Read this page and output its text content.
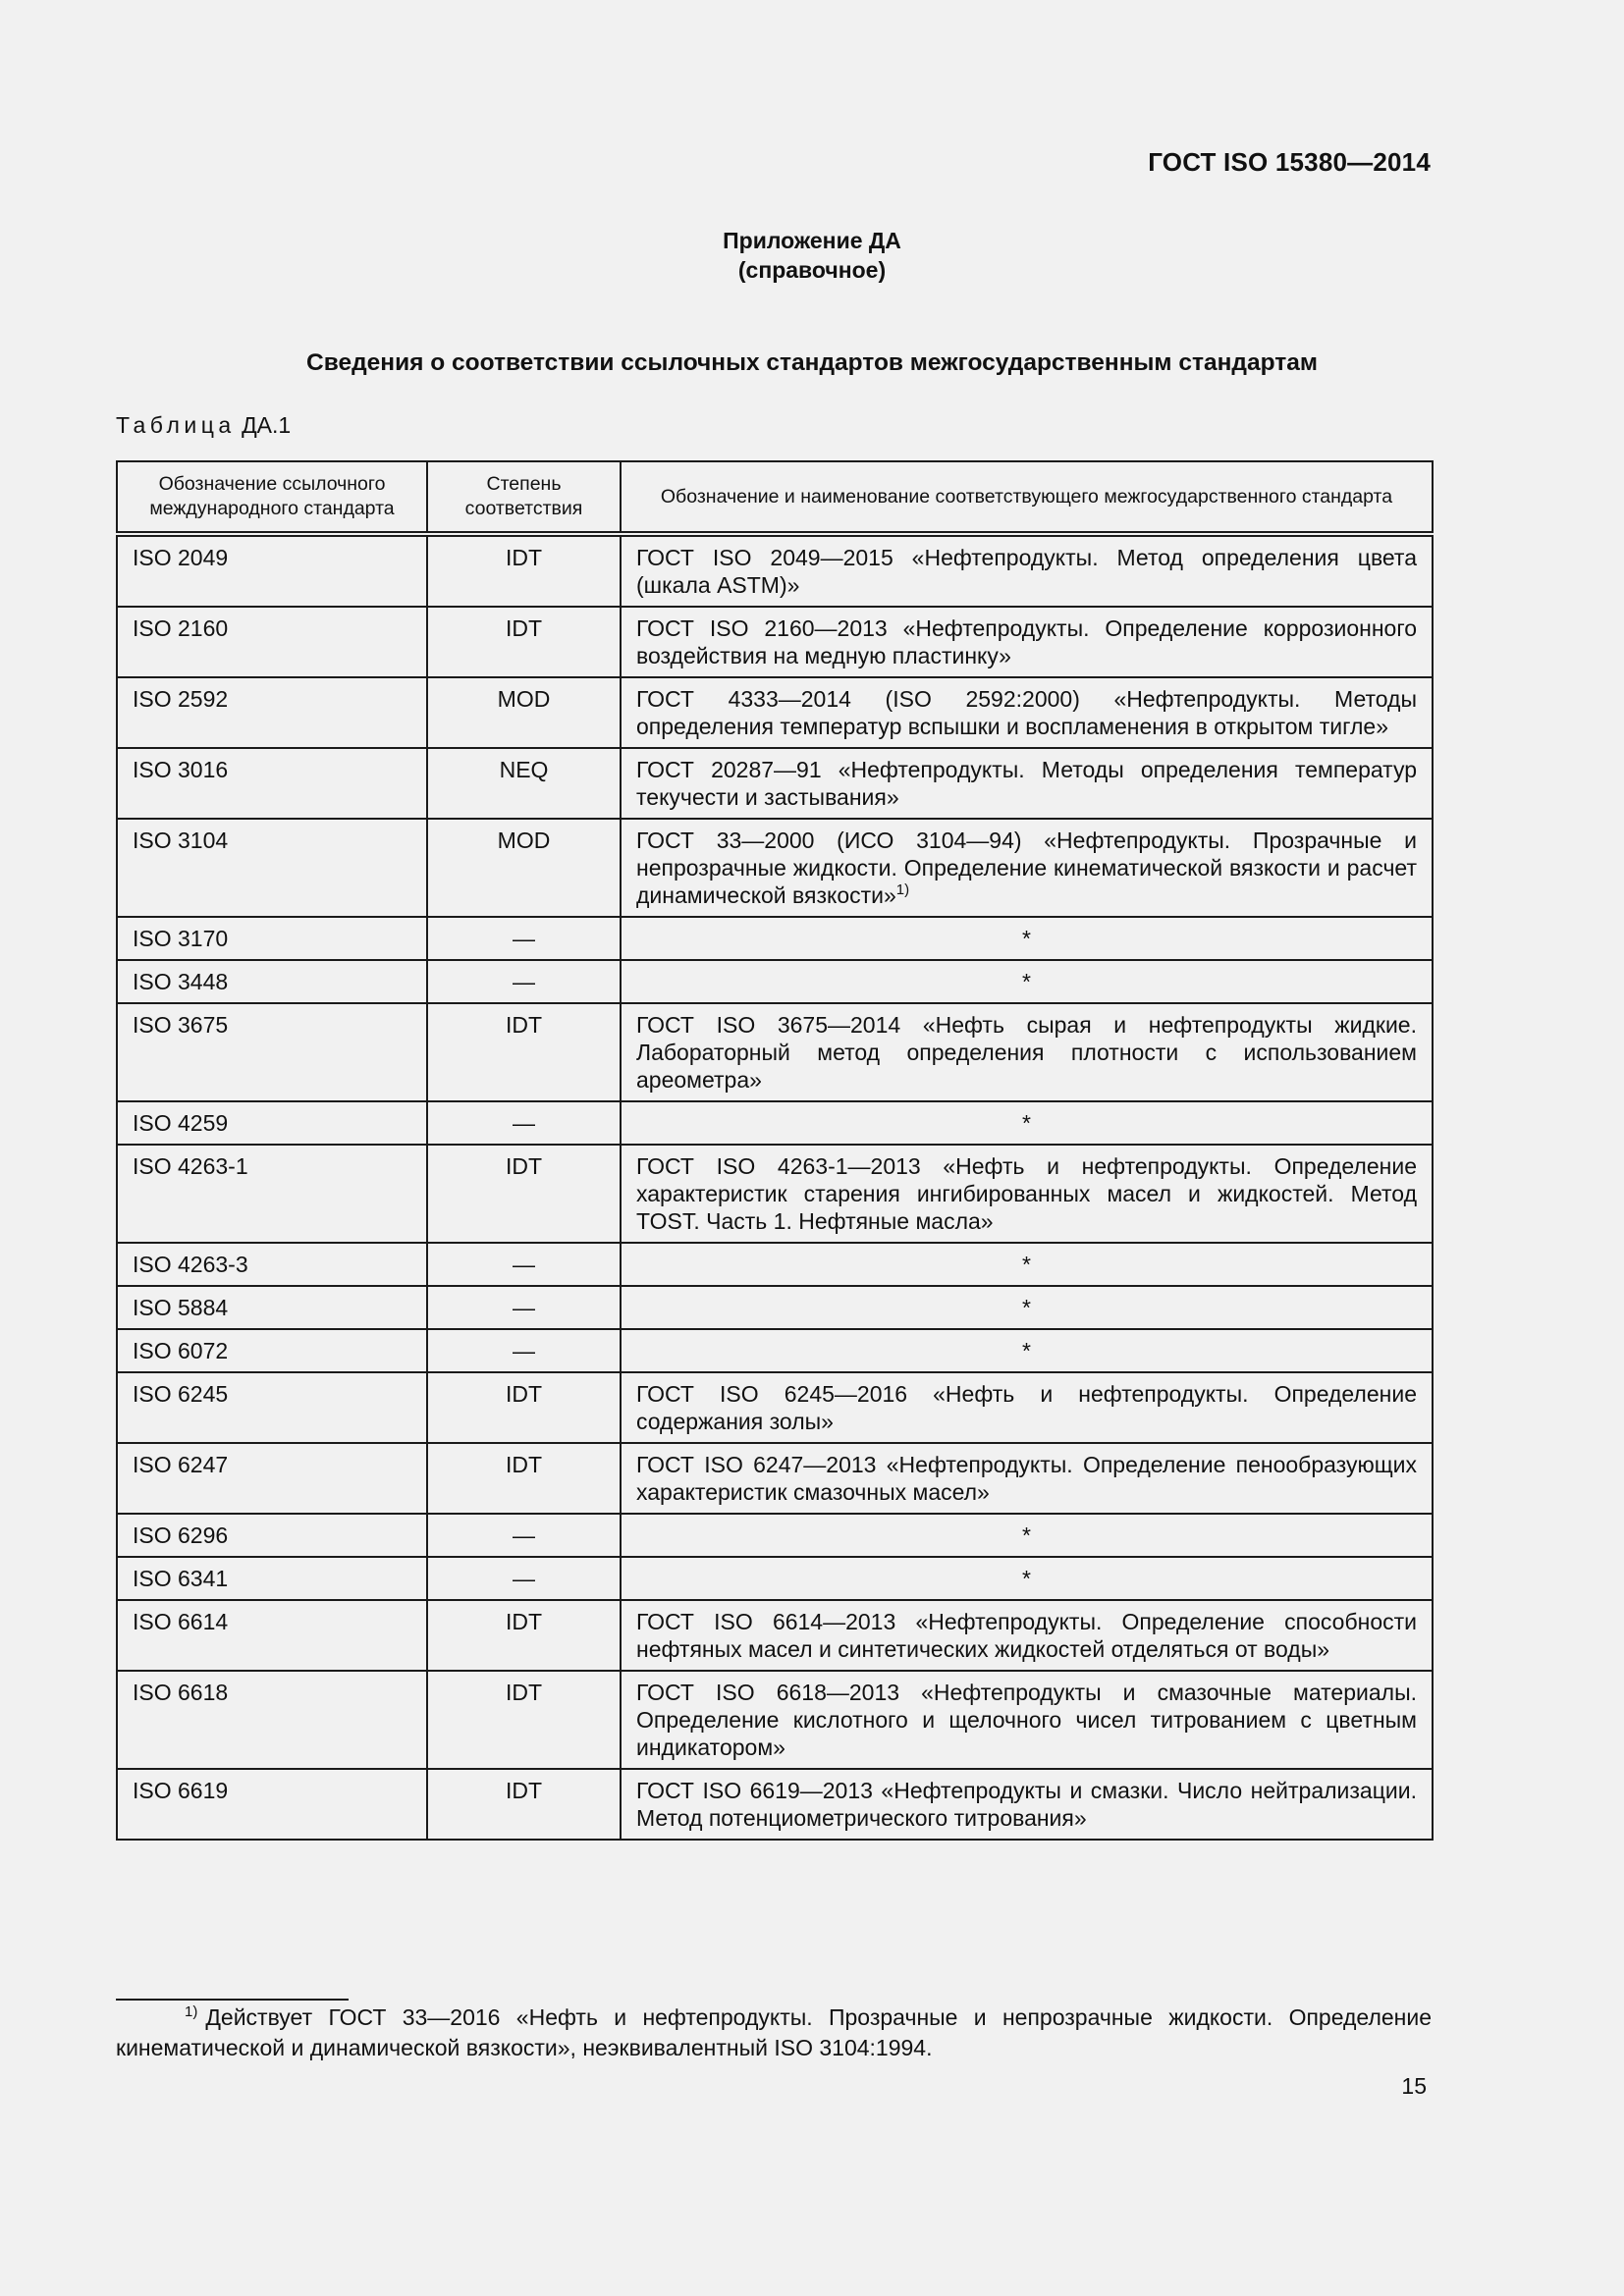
ГОСТ ISO 15380—2014
Приложение ДА
(справочное)
Сведения о соответствии ссылочных стандартов межгосударственным стандартам
Таблица ДА.1
Обозначение ссылочного международного стандарта	Степень соответствия	Обозначение и наименование соответствующего межгосударственного стандарта
ISO 2049	IDT	ГОСТ ISO 2049—2015 «Нефтепродукты. Метод определения цвета (шкала ASTM)»
ISO 2160	IDT	ГОСТ ISO 2160—2013 «Нефтепродукты. Определение коррозионного воздействия на медную пластинку»
ISO 2592	MOD	ГОСТ 4333—2014 (ISO 2592:2000) «Нефтепродукты. Методы определения температур вспышки и воспламенения в открытом тигле»
ISO 3016	NEQ	ГОСТ 20287—91 «Нефтепродукты. Методы определения температур текучести и застывания»
ISO 3104	MOD	ГОСТ 33—2000 (ИСО 3104—94) «Нефтепродукты. Прозрачные и непрозрачные жидкости. Определение кинематической вязкости и расчет динамической вязкости»$^{1)}$
ISO 3170	—	*
ISO 3448	—	*
ISO 3675	IDT	ГОСТ ISO 3675—2014 «Нефть сырая и нефтепродукты жидкие. Лабораторный метод определения плотности с использованием ареометра»
ISO 4259	—	*
ISO 4263-1	IDT	ГОСТ ISO 4263-1—2013 «Нефть и нефтепродукты. Определение характеристик старения ингибированных масел и жидкостей. Метод TOST. Часть 1. Нефтяные масла»
ISO 4263-3	—	*
ISO 5884	—	*
ISO 6072	—	*
ISO 6245	IDT	ГОСТ ISO 6245—2016 «Нефть и нефтепродукты. Определение содержания золы»
ISO 6247	IDT	ГОСТ ISO 6247—2013 «Нефтепродукты. Определение пенообразующих характеристик смазочных масел»
ISO 6296	—	*
ISO 6341	—	*
ISO 6614	IDT	ГОСТ ISO 6614—2013 «Нефтепродукты. Определение способности нефтяных масел и синтетических жидкостей отделяться от воды»
ISO 6618	IDT	ГОСТ ISO 6618—2013 «Нефтепродукты и смазочные материалы. Определение кислотного и щелочного чисел титрованием с цветным индикатором»
ISO 6619	IDT	ГОСТ ISO 6619—2013 «Нефтепродукты и смазки. Число нейтрализации. Метод потенциометрического титрования»
$^{1)}$ Действует ГОСТ 33—2016 «Нефть и нефтепродукты. Прозрачные и непрозрачные жидкости. Определение кинематической и динамической вязкости», неэквивалентный ISO 3104:1994.
15
